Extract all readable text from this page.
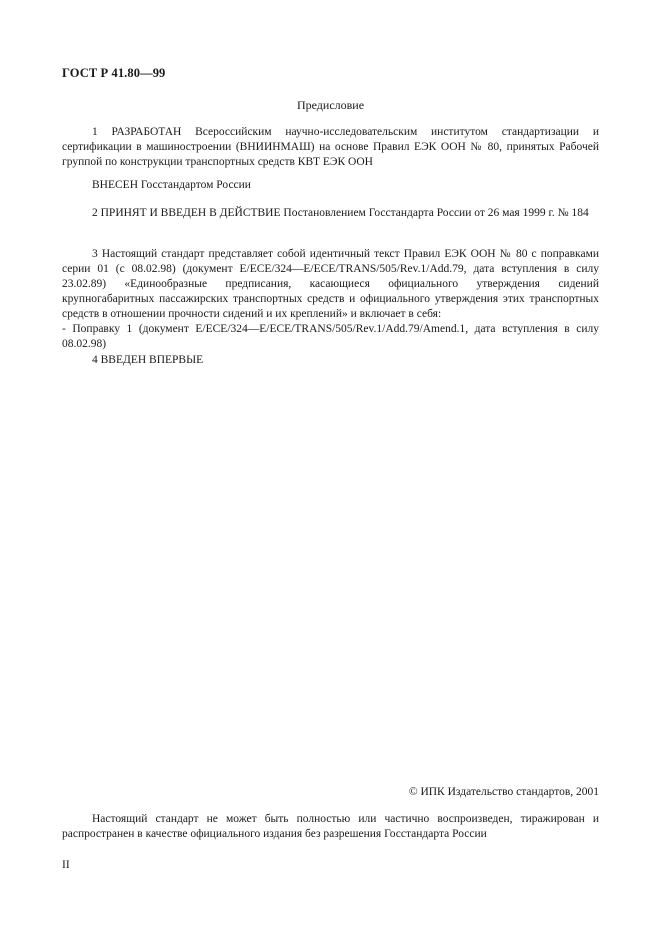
ГОСТ Р 41.80—99
Предисловие

1 РАЗРАБОТАН Всероссийским научно-исследовательским институтом стандартизации и сертификации в машиностроении (ВНИИНМАШ) на основе Правил ЕЭК ООН № 80, принятых Рабочей группой по конструкции транспортных средств КВТ ЕЭК ООН

ВНЕСЕН Госстандартом России

2 ПРИНЯТ И ВВЕДЕН В ДЕЙСТВИЕ Постановлением Госстандарта России от 26 мая 1999 г. № 184

3 Настоящий стандарт представляет собой идентичный текст Правил ЕЭК ООН № 80 с поправками серии 01 (с 08.02.98) (документ E/ECE/324—E/ECE/TRANS/505/Rev.1/Add.79, дата вступления в силу 23.02.89) «Единообразные предписания, касающиеся официального утверждения сидений крупногабаритных пассажирских транспортных средств и официального утверждения этих транспортных средств в отношении прочности сидений и их креплений» и включает в себя:

- Поправку 1 (документ E/ECE/324—E/ECE/TRANS/505/Rev.1/Add.79/Amend.1, дата вступления в силу 08.02.98)

4 ВВЕДЕН ВПЕРВЫЕ

© ИПК Издательство стандартов, 2001
Настоящий стандарт не может быть полностью или частично воспроизведен, тиражирован и распространен в качестве официального издания без разрешения Госстандарта России
II
